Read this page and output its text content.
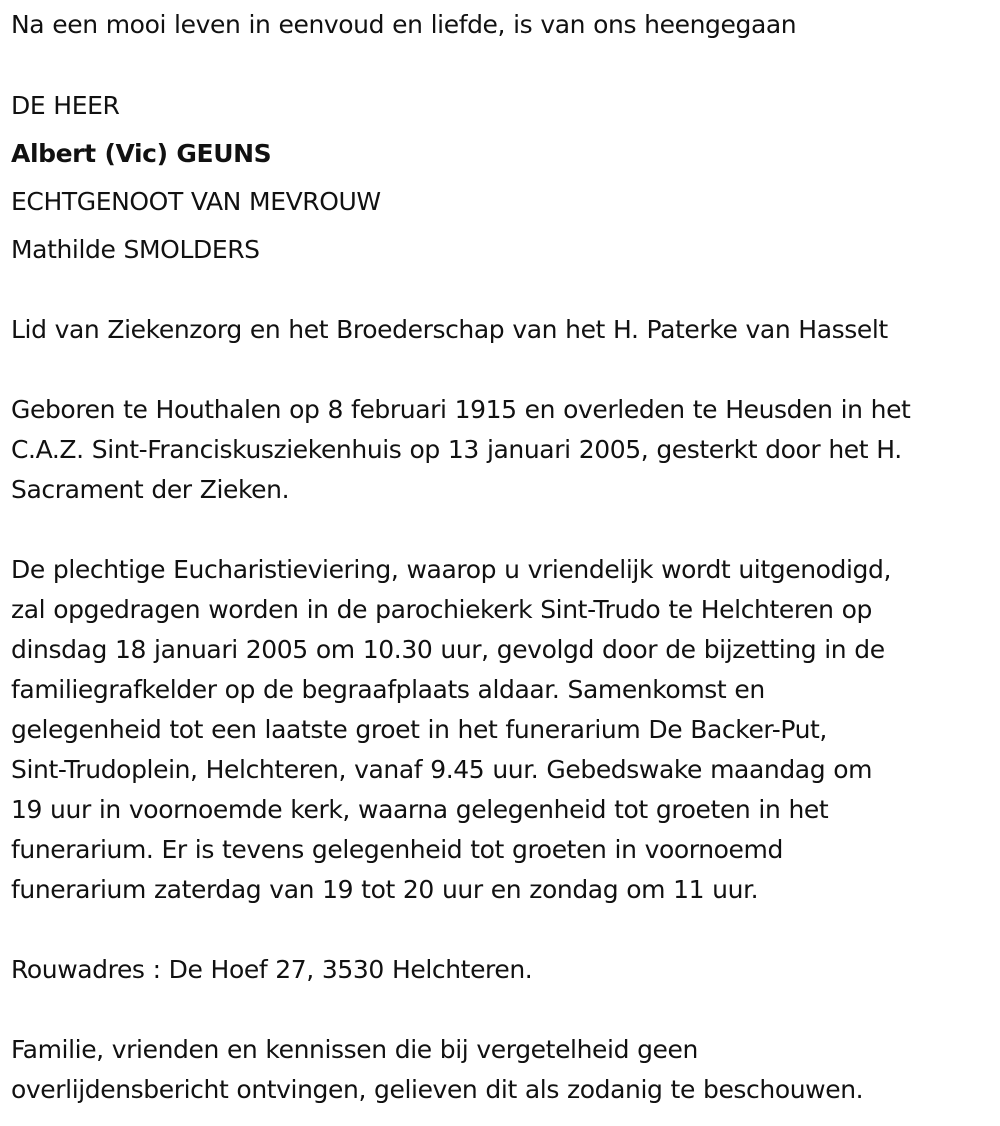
Na een mooi leven in eenvoud en liefde, is van ons heengegaan
DE HEER
Albert (Vic) GEUNS
ECHTGENOOT VAN MEVROUW
Mathilde SMOLDERS
Lid van Ziekenzorg en het Broederschap van het H. Paterke van Hasselt
Geboren te Houthalen op 8 februari 1915 en overleden te Heusden in het
C.A.Z. Sint-Franciskusziekenhuis op 13 januari 2005, gesterkt door het H.
Sacrament der Zieken.
De plechtige Eucharistieviering, waarop u vriendelijk wordt uitgenodigd,
zal opgedragen worden in de parochiekerk Sint-Trudo te Helchteren op
dinsdag 18 januari 2005 om 10.30 uur, gevolgd door de bijzetting in de
familiegrafkelder op de begraafplaats aldaar. Samenkomst en
gelegenheid tot een laatste groet in het funerarium De Backer-Put,
Sint-Trudoplein, Helchteren, vanaf 9.45 uur. Gebedswake maandag om
19 uur in voornoemde kerk, waarna gelegenheid tot groeten in het
funerarium. Er is tevens gelegenheid tot groeten in voornoemd
funerarium zaterdag van 19 tot 20 uur en zondag om 11 uur.
Rouwadres : De Hoef 27, 3530 Helchteren.
Familie, vrienden en kennissen die bij vergetelheid geen
overlijdensbericht ontvingen, gelieven dit als zodanig te beschouwen.
